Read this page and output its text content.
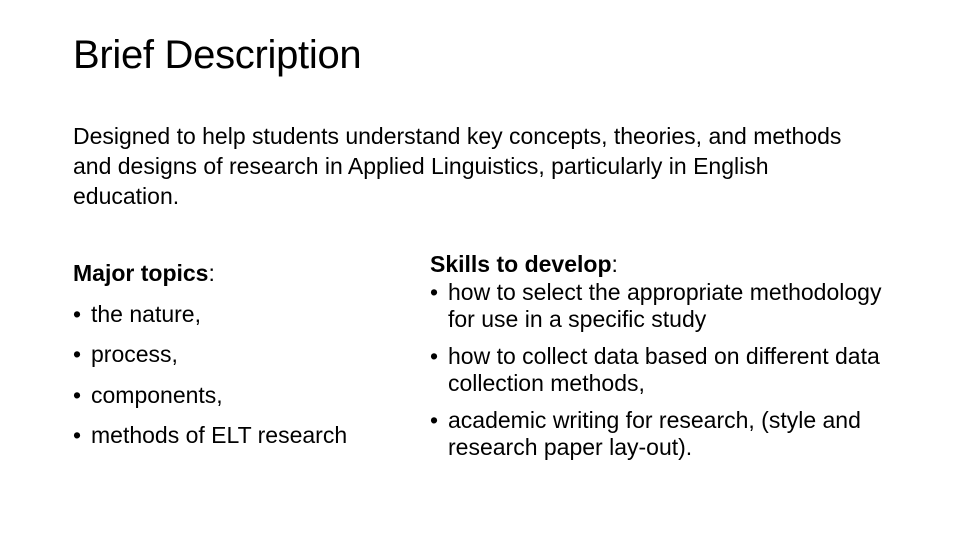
Brief Description

Designed to help students understand key concepts, theories, and methods and designs of research in Applied Linguistics, particularly in English education.

Major topics:
• the nature,
• process,
• components,
• methods of ELT research
Skills to develop:
• how to select the appropriate methodology for use in a specific study
• how to collect data based on different data collection methods,
• academic writing for research, (style and research paper lay-out).
